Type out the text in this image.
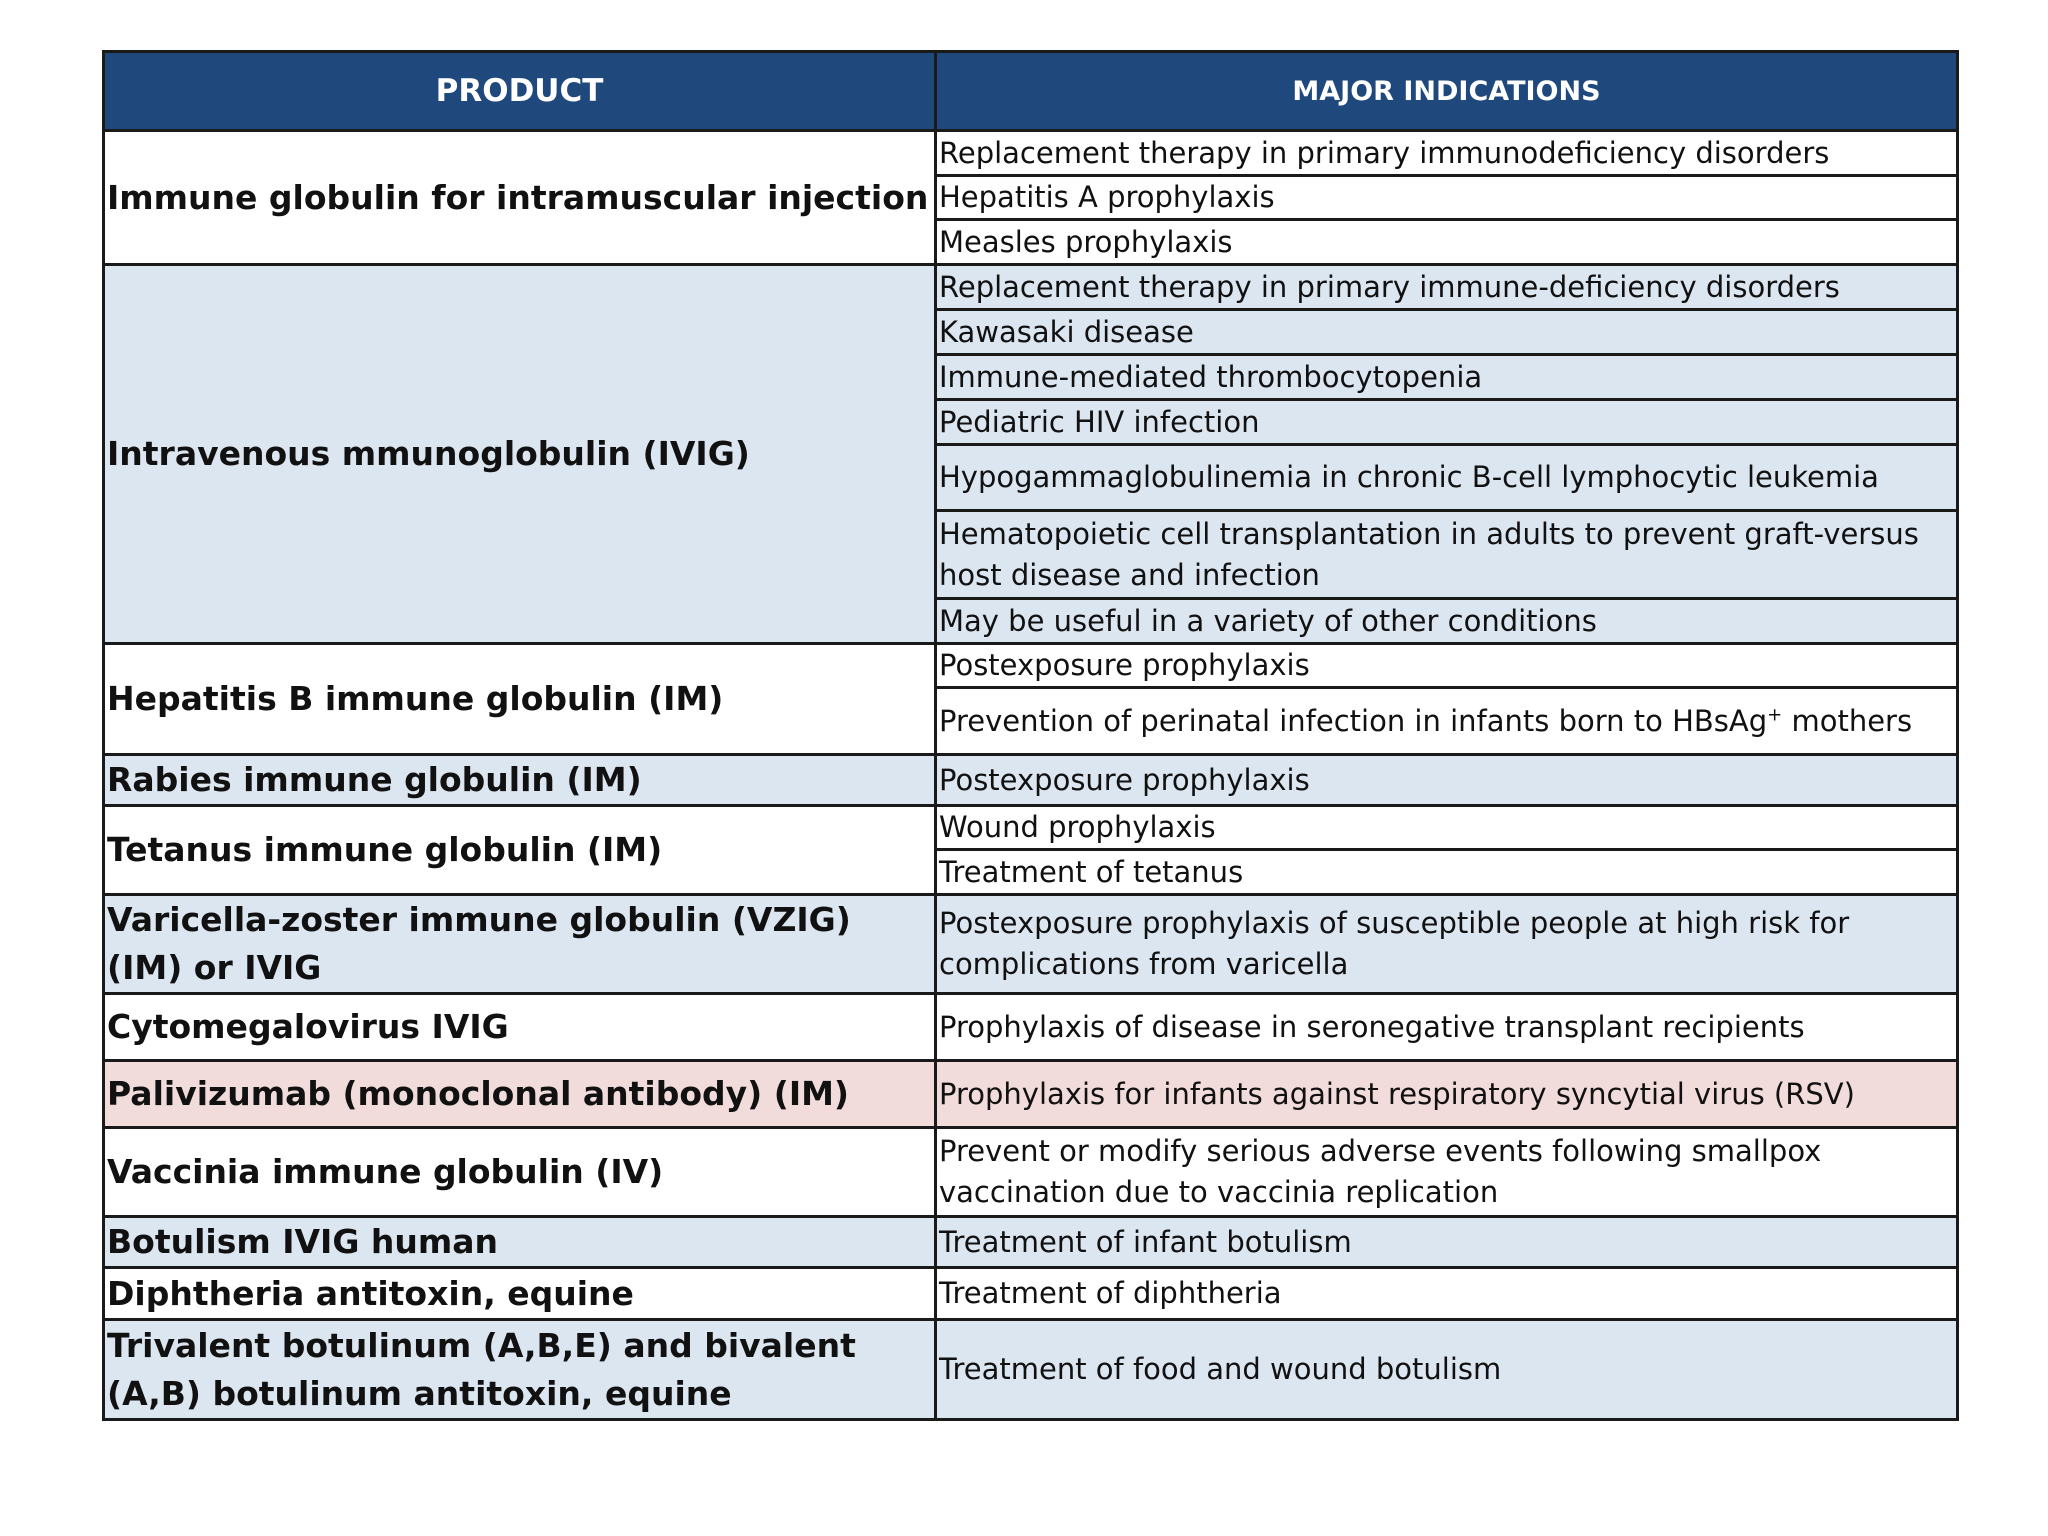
PRODUCT	MAJOR INDICATIONS
Immune globulin for intramuscular injection	Replacement therapy in primary immunodeficiency disorders
	Hepatitis A prophylaxis
	Measles prophylaxis
Intravenous mmunoglobulin (IVIG)	Replacement therapy in primary immune-deficiency disorders
	Kawasaki disease
	Immune-mediated thrombocytopenia
	Pediatric HIV infection
	Hypogammaglobulinemia in chronic B-cell lymphocytic leukemia
	Hematopoietic cell transplantation in adults to prevent graft-versus host disease and infection
	May be useful in a variety of other conditions
Hepatitis B immune globulin (IM)	Postexposure prophylaxis
	Prevention of perinatal infection in infants born to HBsAg+ mothers
Rabies immune globulin (IM)	Postexposure prophylaxis
Tetanus immune globulin (IM)	Wound prophylaxis
	Treatment of tetanus
Varicella-zoster immune globulin (VZIG) (IM) or IVIG	Postexposure prophylaxis of susceptible people at high risk for complications from varicella
Cytomegalovirus IVIG	Prophylaxis of disease in seronegative transplant recipients
Palivizumab (monoclonal antibody) (IM)	Prophylaxis for infants against respiratory syncytial virus (RSV)
Vaccinia immune globulin (IV)	Prevent or modify serious adverse events following smallpox vaccination due to vaccinia replication
Botulism IVIG human	Treatment of infant botulism
Diphtheria antitoxin, equine	Treatment of diphtheria
Trivalent botulinum (A,B,E) and bivalent (A,B) botulinum antitoxin, equine	Treatment of food and wound botulism
